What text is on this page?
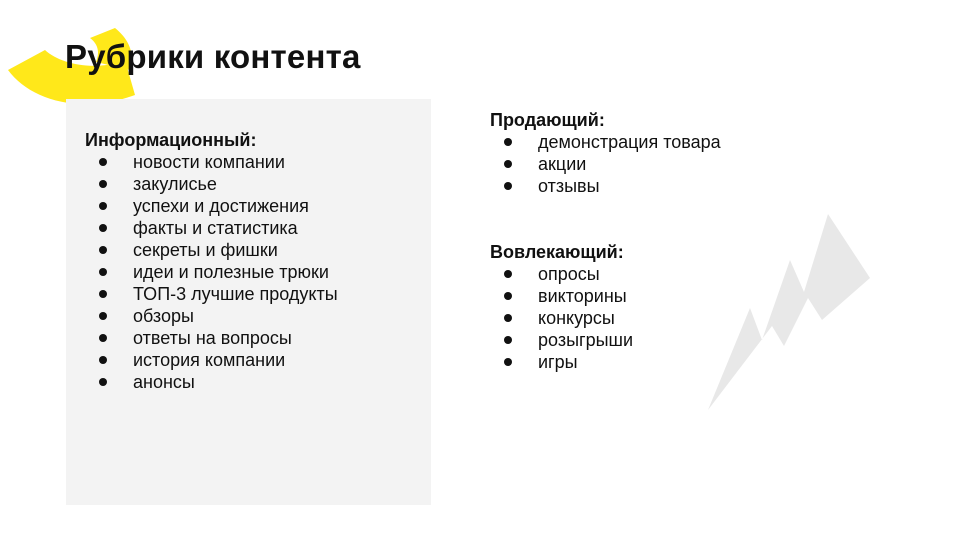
Рубрики контента
Информационный:
новости компании
закулисье
успехи и достижения
факты и статистика
секреты и фишки
идеи и полезные трюки
ТОП-3 лучшие продукты
обзоры
ответы на вопросы
история компании
анонсы
Продающий:
демонстрация товара
акции
отзывы
Вовлекающий:
опросы
викторины
конкурсы
розыгрыши
игры
